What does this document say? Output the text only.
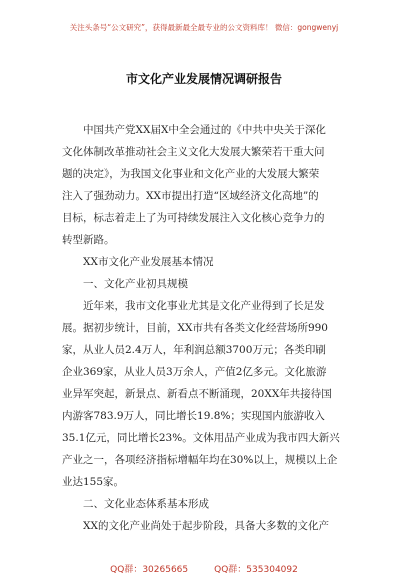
关注头条号“公文研究”，获得最新最全最专业的公文资料库！ 微信：gongwenyj
市文化产业发展情况调研报告
中国共产党XX届X中全会通过的《中共中央关于深化
文化体制改革推动社会主义文化大发展大繁荣若干重大问
题的决定》，为我国文化事业和文化产业的大发展大繁荣
注入了强劲动力。XX市提出打造“区域经济文化高地”的
目标，标志着走上了为可持续发展注入文化核心竞争力的
转型新路。
XX市文化产业发展基本情况
一、文化产业初具规模
近年来，我市文化事业尤其是文化产业得到了长足发
展。据初步统计，目前，XX市共有各类文化经营场所990
家，从业人员2.4万人，年利润总额3700万元；各类印刷
企业369家，从业人员3万余人，产值2亿多元。文化旅游
业异军突起，新景点、新看点不断涌现，20XX年共接待国
内游客783.9万人，同比增长19.8%；实现国内旅游收入
35.1亿元，同比增长23%。文体用品产业成为我市四大新兴
产业之一，各项经济指标增幅年均在30%以上，规模以上企
业达155家。
二、文化业态体系基本形成
XX的文化产业尚处于起步阶段，具备大多数的文化产
QQ群：30265665	QQ群：535304092
